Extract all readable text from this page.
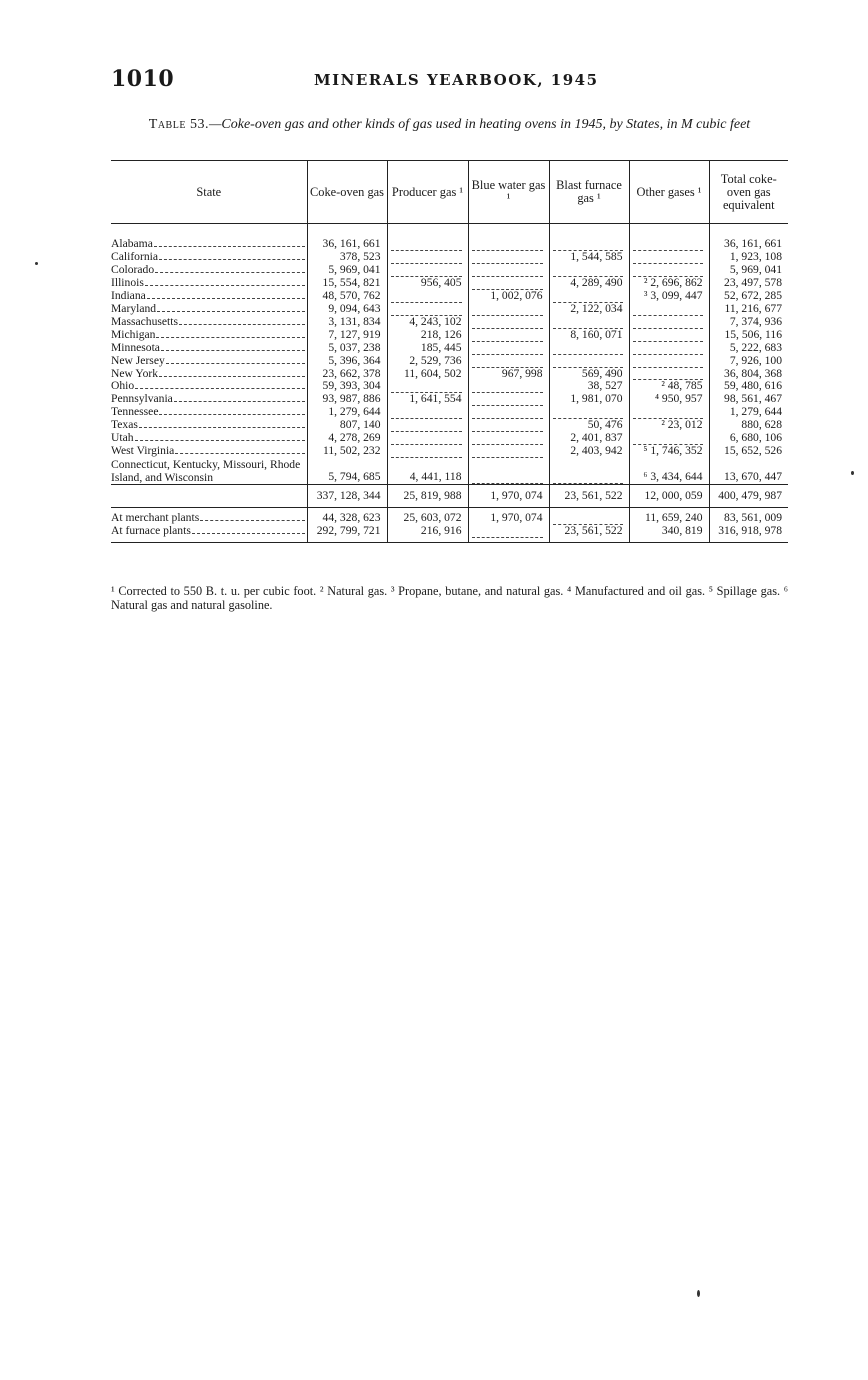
1010	MINERALS YEARBOOK, 1945
Table 53.—Coke-oven gas and other kinds of gas used in heating ovens in 1945, by States, in M cubic feet
State	Coke-oven gas	Producer gas ¹	Blue water gas ¹	Blast furnace gas ¹	Other gases ¹	Total coke-oven gas equivalent

Alabama	36, 161, 661					36, 161, 661

California	378, 523			1, 544, 585		1, 923, 108

Colorado	5, 969, 041					5, 969, 041

Illinois	15, 554, 821	956, 405		4, 289, 490	² 2, 696, 862	23, 497, 578

Indiana	48, 570, 762		1, 002, 076		³ 3, 099, 447	52, 672, 285

Maryland	9, 094, 643			2, 122, 034		11, 216, 677

Massachusetts	3, 131, 834	4, 243, 102				7, 374, 936

Michigan	7, 127, 919	218, 126		8, 160, 071		15, 506, 116

Minnesota	5, 037, 238	185, 445				5, 222, 683

New Jersey	5, 396, 364	2, 529, 736				7, 926, 100

New York	23, 662, 378	11, 604, 502	967, 998	569, 490		36, 804, 368

Ohio	59, 393, 304			38, 527	² 48, 785	59, 480, 616

Pennsylvania	93, 987, 886	1, 641, 554		1, 981, 070	⁴ 950, 957	98, 561, 467

Tennessee	1, 279, 644					1, 279, 644

Texas	807, 140			50, 476	² 23, 012	880, 628

Utah	4, 278, 269			2, 401, 837		6, 680, 106

West Virginia	11, 502, 232			2, 403, 942	⁵ 1, 746, 352	15, 652, 526

Connecticut, Kentucky, Missouri, Rhode Island, and Wisconsin	5, 794, 685	4, 441, 118			⁶ 3, 434, 644	13, 670, 447
	337, 128, 344	25, 819, 988	1, 970, 074	23, 561, 522	12, 000, 059	400, 479, 987

At merchant plants	44, 328, 623	25, 603, 072	1, 970, 074		11, 659, 240	83, 561, 009

At furnace plants	292, 799, 721	216, 916		23, 561, 522	340, 819	316, 918, 978
¹ Corrected to 550 B. t. u. per cubic foot. ² Natural gas. ³ Propane, butane, and natural gas. ⁴ Manufactured and oil gas. ⁵ Spillage gas. ⁶ Natural gas and natural gasoline.
